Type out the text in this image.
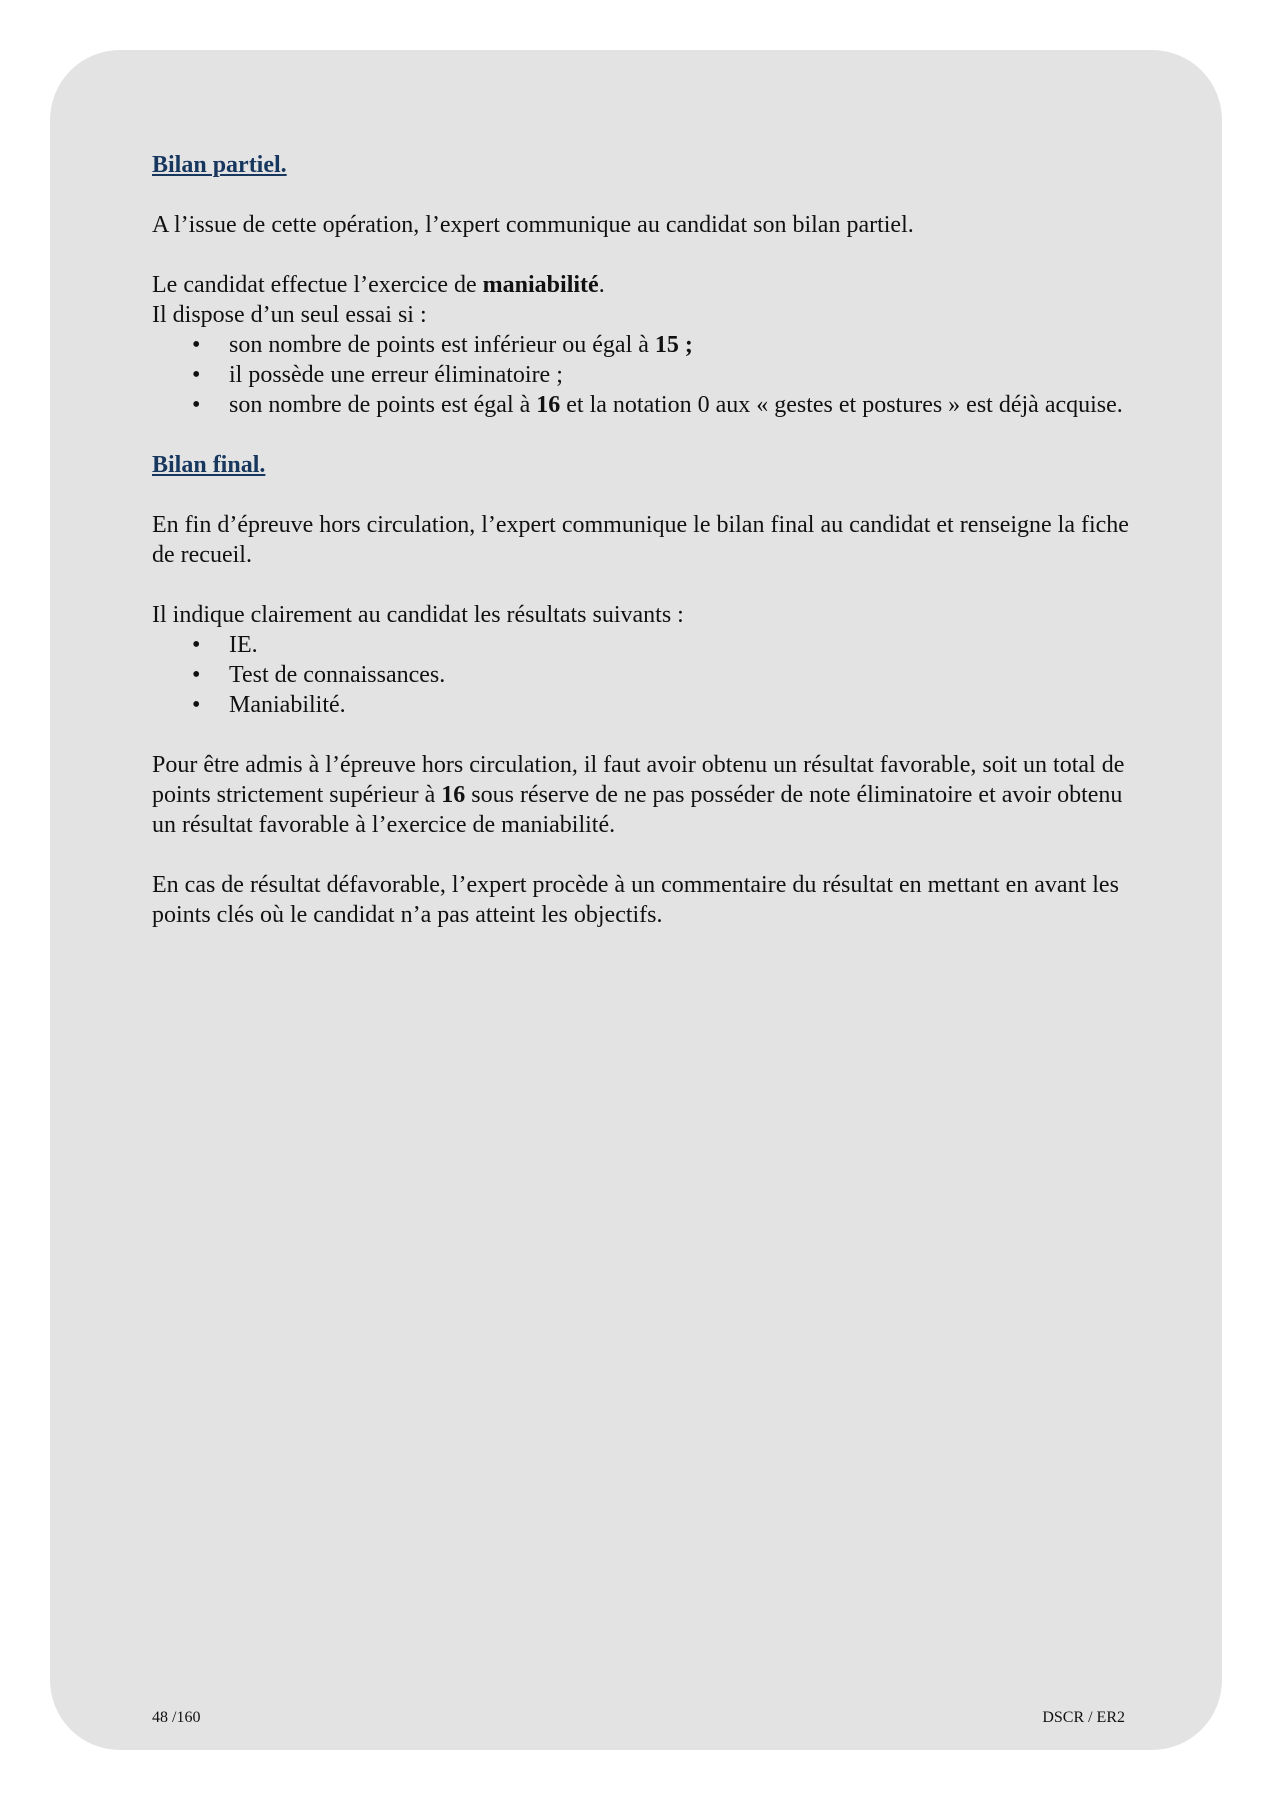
Bilan partiel.

A l’issue de cette opération, l’expert communique au candidat son bilan partiel.

Le candidat effectue l’exercice de maniabilité.

Il dispose d’un seul essai si :

• son nombre de points est inférieur ou égal à 15 ;
• il possède une erreur éliminatoire ;
• son nombre de points est égal à 16 et la notation 0 aux « gestes et postures » est déjà acquise.
Bilan final.

En fin d’épreuve hors circulation, l’expert communique le bilan final au candidat et renseigne la fiche de recueil.

Il indique clairement au candidat les résultats suivants :

• IE.
• Test de connaissances.
• Maniabilité.

Pour être admis à l’épreuve hors circulation, il faut avoir obtenu un résultat favorable, soit un total de points strictement supérieur à 16 sous réserve de ne pas posséder de note éliminatoire et avoir obtenu un résultat favorable à l’exercice de maniabilité.

En cas de résultat défavorable, l’expert procède à un commentaire du résultat en mettant en avant les points clés où le candidat n’a pas atteint les objectifs.

48 /160	DSCR / ER2
